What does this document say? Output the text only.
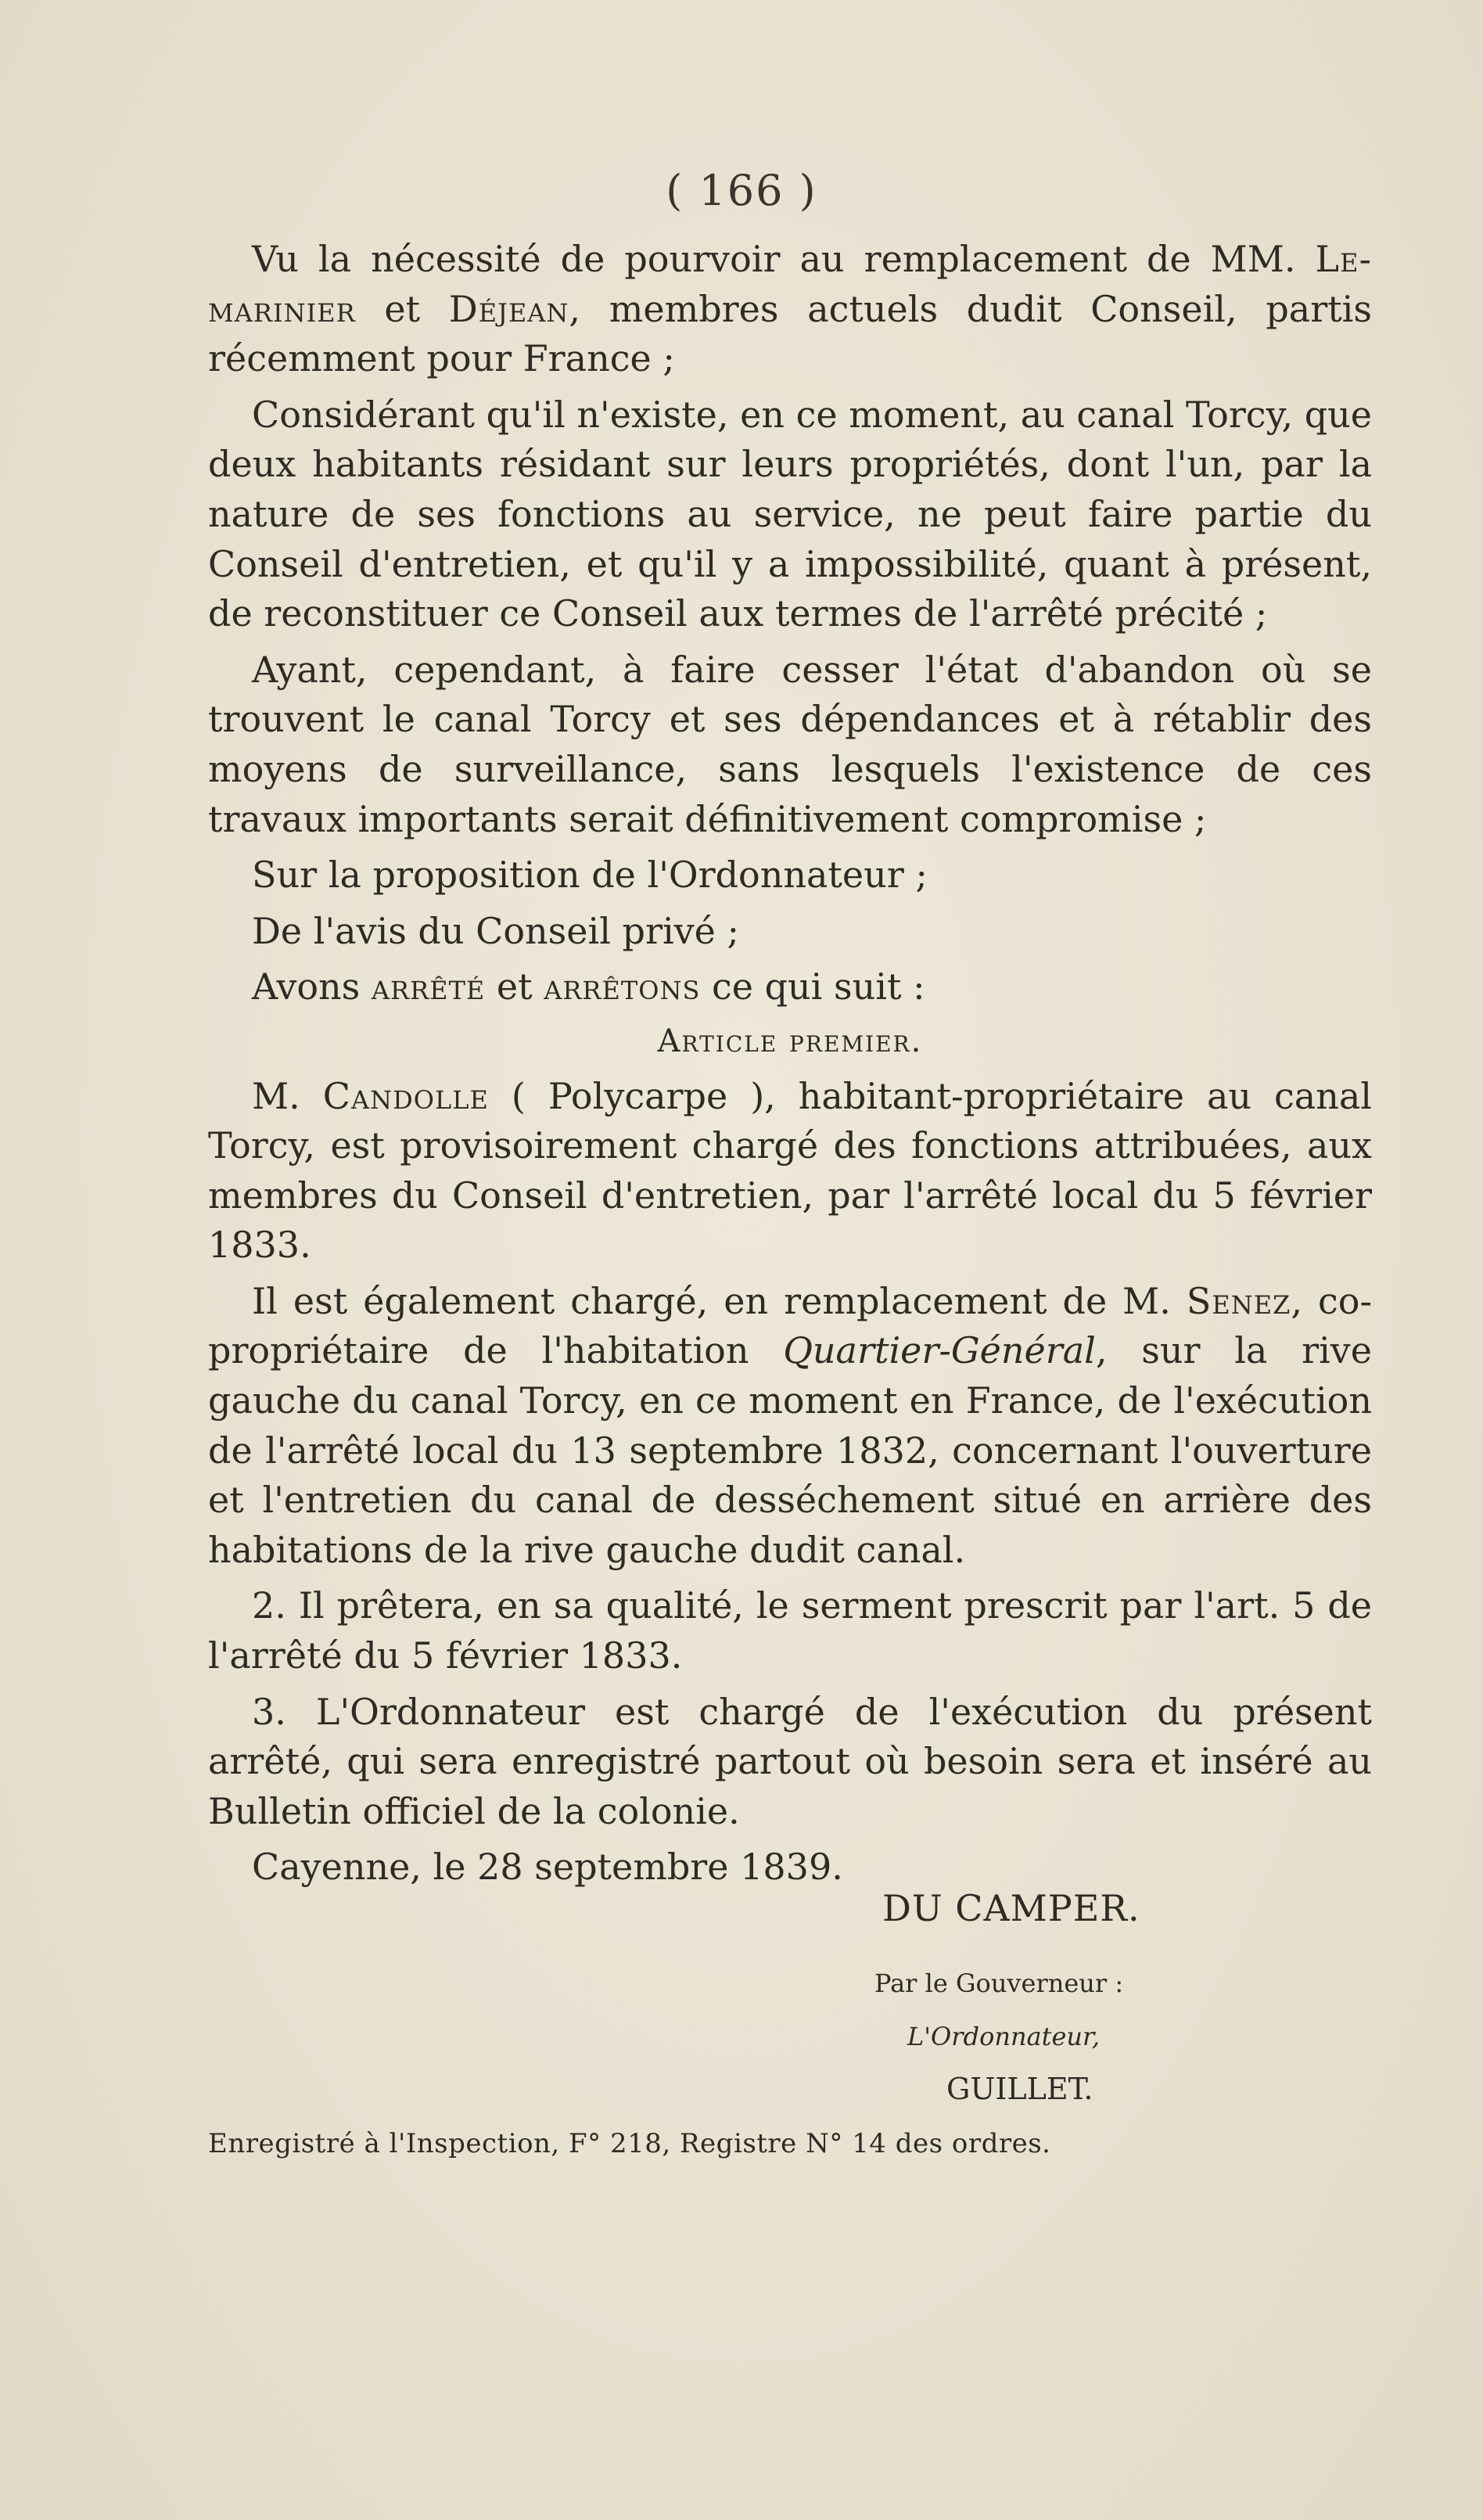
( 166 )

Vu la nécessité de pourvoir au remplacement de MM. Le-marinier et Déjean, membres actuels dudit Conseil, partis récemment pour France ;

Considérant qu'il n'existe, en ce moment, au canal Torcy, que deux habitants résidant sur leurs propriétés, dont l'un, par la nature de ses fonctions au service, ne peut faire partie du Conseil d'entretien, et qu'il y a impossibilité, quant à présent, de reconstituer ce Conseil aux termes de l'arrêté précité ;

Ayant, cependant, à faire cesser l'état d'abandon où se trouvent le canal Torcy et ses dépendances et à rétablir des moyens de surveillance, sans lesquels l'existence de ces travaux importants serait définitivement compromise ;

Sur la proposition de l'Ordonnateur ;

De l'avis du Conseil privé ;

Avons arrêté et arrêtons ce qui suit :

Article premier.

M. Candolle ( Polycarpe ), habitant-propriétaire au canal Torcy, est provisoirement chargé des fonctions attribuées, aux membres du Conseil d'entretien, par l'arrêté local du 5 février 1833.

Il est également chargé, en remplacement de M. Senez, co-propriétaire de l'habitation Quartier-Général, sur la rive gauche du canal Torcy, en ce moment en France, de l'exécution de l'arrêté local du 13 septembre 1832, concernant l'ouverture et l'entretien du canal de desséchement situé en arrière des habitations de la rive gauche dudit canal.

2. Il prêtera, en sa qualité, le serment prescrit par l'art. 5 de l'arrêté du 5 février 1833.

3. L'Ordonnateur est chargé de l'exécution du présent arrêté, qui sera enregistré partout où besoin sera et inséré au Bulletin officiel de la colonie.

Cayenne, le 28 septembre 1839.

DU CAMPER.
Par le Gouverneur :
L'Ordonnateur,
GUILLET.
Enregistré à l'Inspection, F° 218, Registre N° 14 des ordres.
